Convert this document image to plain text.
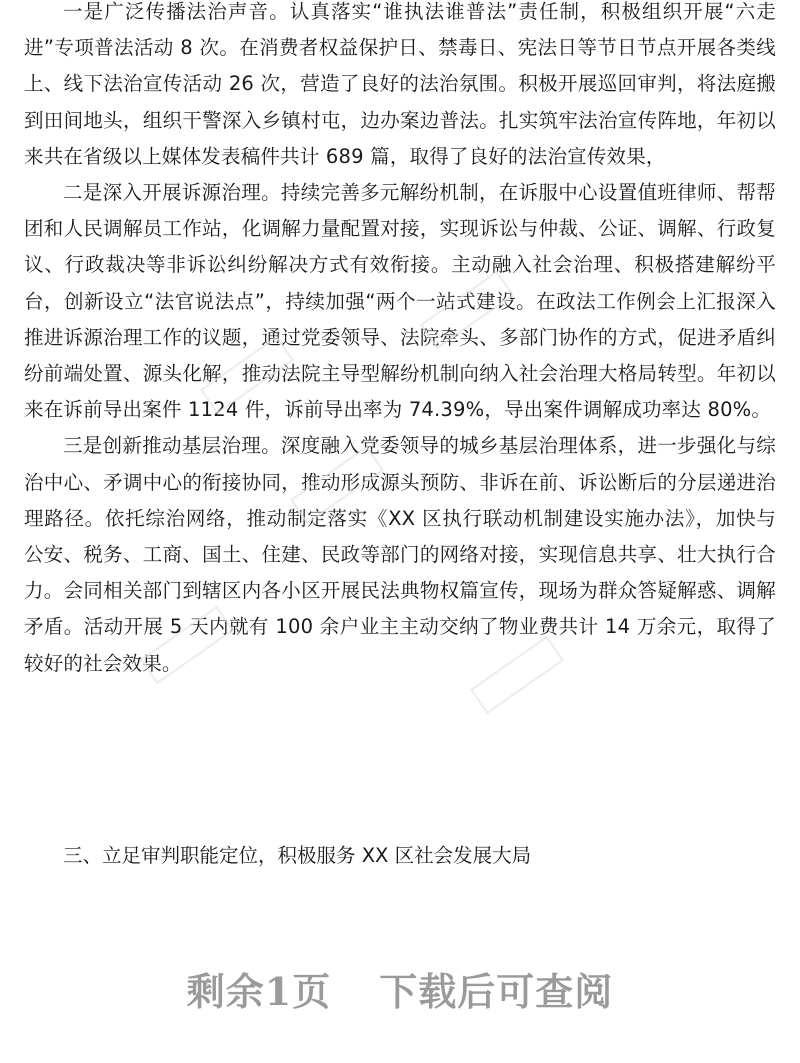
一是广泛传播法治声音。认真落实“谁执法谁普法”责任制，积极组织开展“六走进”专项普法活动 8 次。在消费者权益保护日、禁毒日、宪法日等节日节点开展各类线上、线下法治宣传活动 26 次，营造了良好的法治氛围。积极开展巡回审判，将法庭搬到田间地头，组织干警深入乡镇村屯，边办案边普法。扎实筑牢法治宣传阵地，年初以来共在省级以上媒体发表稿件共计 689 篇，取得了良好的法治宣传效果，

二是深入开展诉源治理。持续完善多元解纷机制，在诉服中心设置值班律师、帮帮团和人民调解员工作站，化调解力量配置对接，实现诉讼与仲裁、公证、调解、行政复议、行政裁决等非诉讼纠纷解决方式有效衔接。主动融入社会治理、积极搭建解纷平台，创新设立“法官说法点”，持续加强“两个一站式建设。在政法工作例会上汇报深入推进诉源治理工作的议题，通过党委领导、法院牵头、多部门协作的方式，促进矛盾纠纷前端处置、源头化解，推动法院主导型解纷机制向纳入社会治理大格局转型。年初以来在诉前导出案件 1124 件，诉前导出率为 74.39%，导出案件调解成功率达 80%。

三是创新推动基层治理。深度融入党委领导的城乡基层治理体系，进一步强化与综治中心、矛调中心的衔接协同，推动形成源头预防、非诉在前、诉讼断后的分层递进治理路径。依托综治网络，推动制定落实《XX 区执行联动机制建设实施办法》，加快与公安、税务、工商、国土、住建、民政等部门的网络对接，实现信息共享、壮大执行合力。会同相关部门到辖区内各小区开展民法典物权篇宣传，现场为群众答疑解惑、调解矛盾。活动开展 5 天内就有 100 余户业主主动交纳了物业费共计 14 万余元，取得了较好的社会效果。

三、立足审判职能定位，积极服务 XX 区社会发展大局

剩余1页 下载后可查阅
